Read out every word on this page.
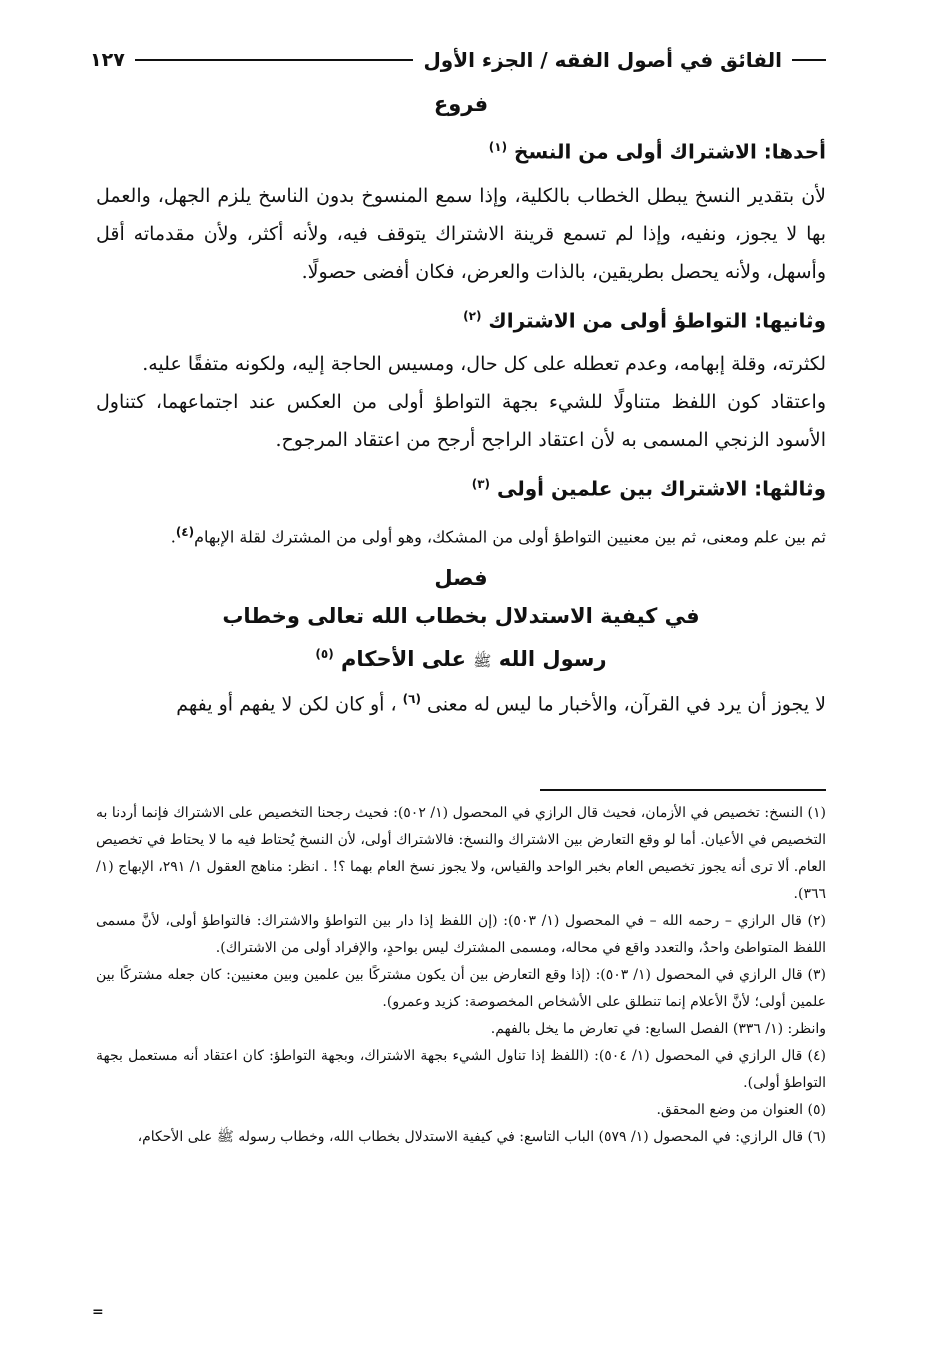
الفائق في أصول الفقه / الجزء الأول
١٢٧
فروع
أحدها: الاشتراك أولى من النسخ $^{(١)}$

لأن بتقدير النسخ يبطل الخطاب بالكلية، وإذا سمع المنسوخ بدون الناسخ يلزم الجهل، والعمل بها لا يجوز، ونفيه، وإذا لم تسمع قرينة الاشتراك يتوقف فيه، ولأنه أكثر، ولأن مقدماته أقل وأسهل، ولأنه يحصل بطريقين، بالذات والعرض، فكان أفضى حصولًا.

وثانيها: التواطؤ أولى من الاشتراك $^{(٢)}$

لكثرته، وقلة إبهامه، وعدم تعطله على كل حال، ومسيس الحاجة إليه، ولكونه متفقًا عليه.

واعتقاد كون اللفظ متناولًا للشيء بجهة التواطؤ أولى من العكس عند اجتماعهما، كتناول الأسود الزنجي المسمى به لأن اعتقاد الراجح أرجح من اعتقاد المرجوح.

وثالثها: الاشتراك بين علمين أولى $^{(٣)}$

ثم بين علم ومعنى، ثم بين معنيين التواطؤ أولى من المشكك، وهو أولى من المشترك لقلة الإبهام$^{(٤)}$.

فصل
في كيفية الاستدلال بخطاب الله تعالى وخطاب
رسول الله ﷺ على الأحكام $^{(٥)}$

لا يجوز أن يرد في القرآن، والأخبار ما ليس له معنى $^{(٦)}$ ، أو كان لكن لا يفهم أو يفهم

(١) النسخ: تخصيص في الأزمان، فحيث قال الرازي في المحصول (١/ ٥٠٢): فحيث رجحنا التخصيص على الاشتراك فإنما أردنا به التخصيص في الأعيان. أما لو وقع التعارض بين الاشتراك والنسخ: فالاشتراك أولى، لأن النسخ يُحتاط فيه ما لا يحتاط في تخصيص العام. ألا ترى أنه يجوز تخصيص العام بخبر الواحد والقياس، ولا يجوز نسخ العام بهما ؟! . انظر: مناهج العقول ١/ ٢٩١، الإبهاج (١/ ٣٦٦).

(٢) قال الرازي – رحمه الله – في المحصول (١/ ٥٠٣): (إن اللفظ إذا دار بين التواطؤ والاشتراك: فالتواطؤ أولى، لأنَّ مسمى اللفظ المتواطئ واحدٌ، والتعدد واقع في محاله، ومسمى المشترك ليس بواحدٍ، والإفراد أولى من الاشتراك).

(٣) قال الرازي في المحصول (١/ ٥٠٣): (إذا وقع التعارض بين أن يكون مشتركًا بين علمين وبين معنيين: كان جعله مشتركًا بين علمين أولى؛ لأنَّ الأعلام إنما تنطلق على الأشخاص المخصوصة: كزيد وعمرو).

وانظر: (١/ ٣٣٦) الفصل السابع: في تعارض ما يخل بالفهم.

(٤) قال الرازي في المحصول (١/ ٥٠٤): (اللفظ إذا تناول الشيء بجهة الاشتراك، وبجهة التواطؤ: كان اعتقاد أنه مستعمل بجهة التواطؤ أولى).

(٥) العنوان من وضع المحقق.

(٦) قال الرازي: في المحصول (١/ ٥٧٩) الباب التاسع: في كيفية الاستدلال بخطاب الله، وخطاب رسوله ﷺ على الأحكام،

=
